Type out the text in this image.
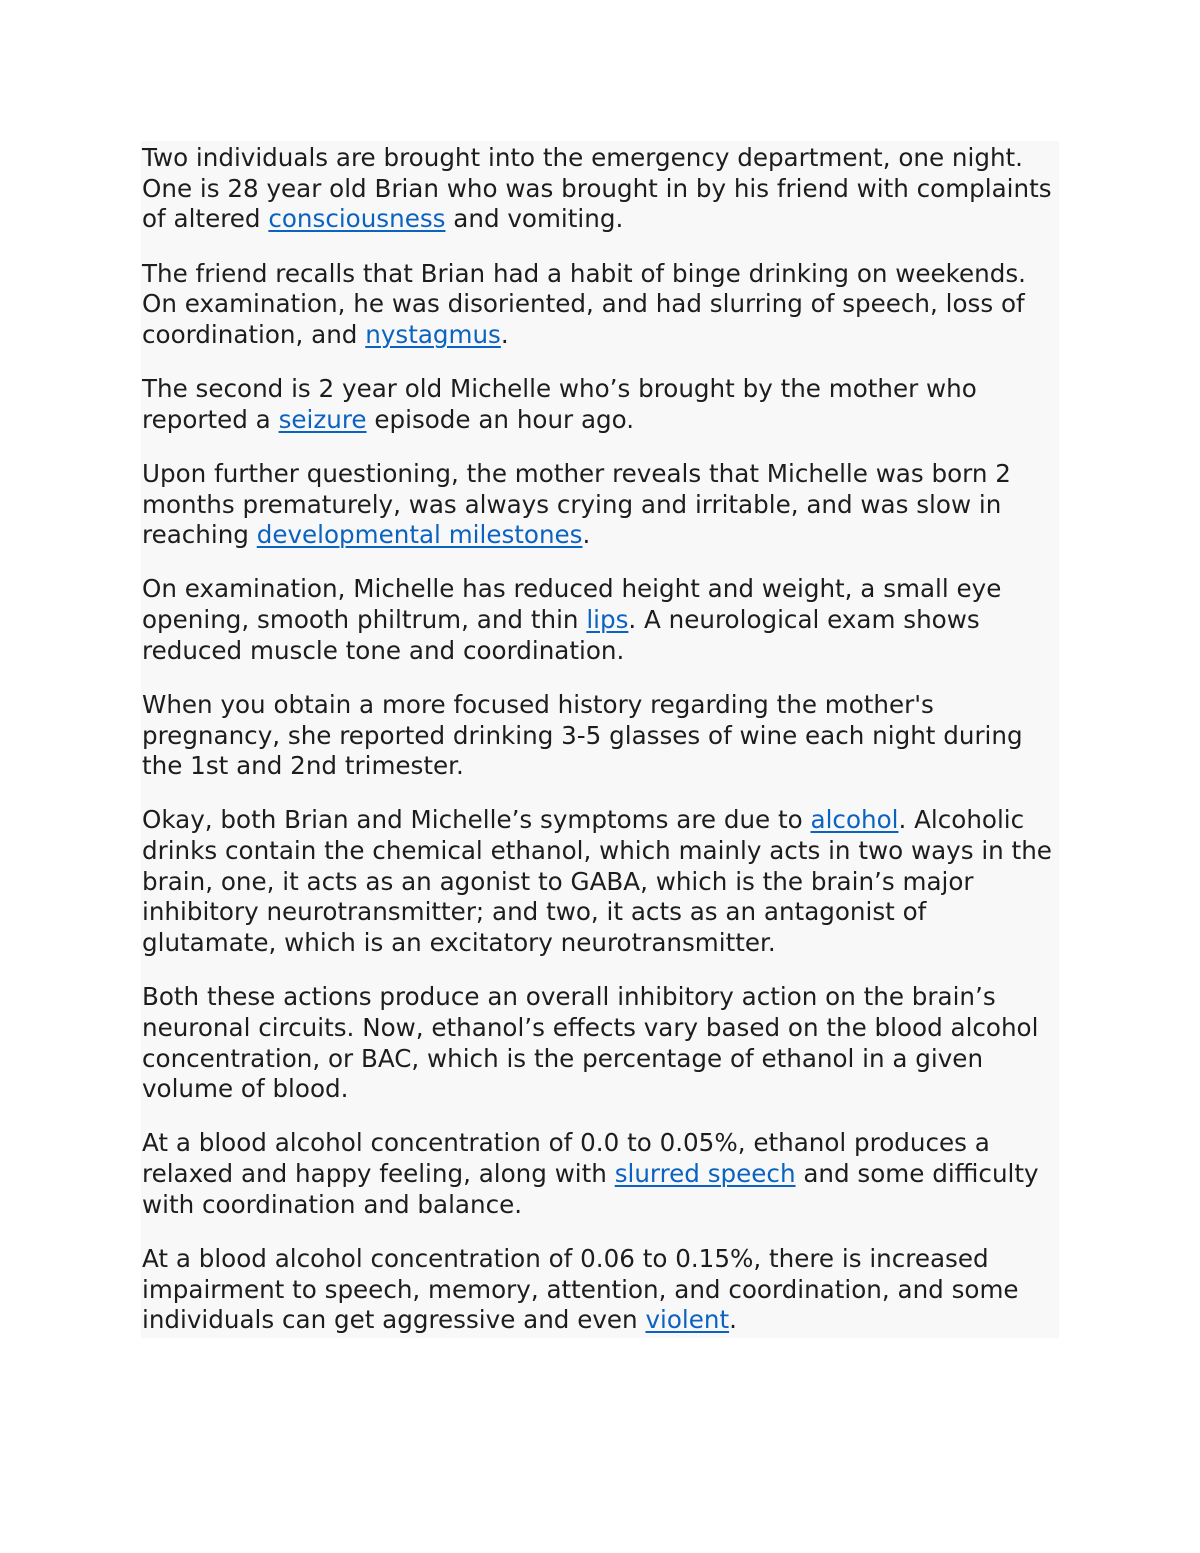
Two individuals are brought into the emergency department, one night. One is 28 year old Brian who was brought in by his friend with complaints of altered consciousness and vomiting.

The friend recalls that Brian had a habit of binge drinking on weekends. On examination, he was disoriented, and had slurring of speech, loss of coordination, and nystagmus.

The second is 2 year old Michelle who’s brought by the mother who reported a seizure episode an hour ago.

Upon further questioning, the mother reveals that Michelle was born 2 months prematurely, was always crying and irritable, and was slow in reaching developmental milestones.

On examination, Michelle has reduced height and weight, a small eye opening, smooth philtrum, and thin lips. A neurological exam shows reduced muscle tone and coordination.

When you obtain a more focused history regarding the mother's pregnancy, she reported drinking 3-5 glasses of wine each night during the 1st and 2nd trimester.

Okay, both Brian and Michelle’s symptoms are due to alcohol. Alcoholic drinks contain the chemical ethanol, which mainly acts in two ways in the brain, one, it acts as an agonist to GABA, which is the brain’s major inhibitory neurotransmitter; and two, it acts as an antagonist of glutamate, which is an excitatory neurotransmitter.

Both these actions produce an overall inhibitory action on the brain’s neuronal circuits. Now, ethanol’s effects vary based on the blood alcohol concentration, or BAC, which is the percentage of ethanol in a given volume of blood.

At a blood alcohol concentration of 0.0 to 0.05%, ethanol produces a relaxed and happy feeling, along with slurred speech and some difficulty with coordination and balance.

At a blood alcohol concentration of 0.06 to 0.15%, there is increased impairment to speech, memory, attention, and coordination, and some individuals can get aggressive and even violent.
